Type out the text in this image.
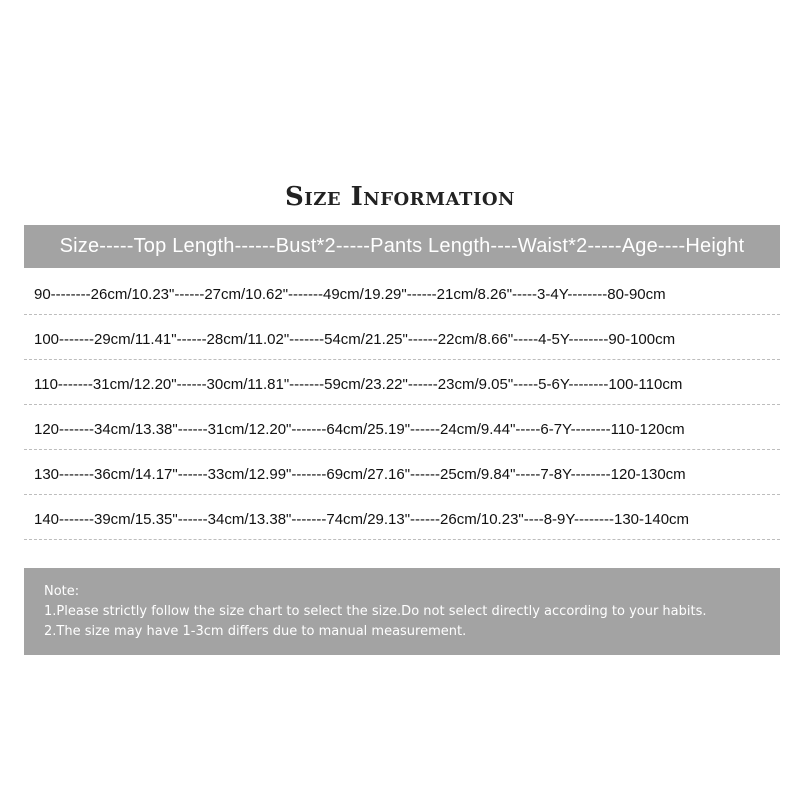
Size Information
Size-----Top Length------Bust*2-----Pants Length----Waist*2-----Age----Height
90--------26cm/10.23"------27cm/10.62"-------49cm/19.29"------21cm/8.26"-----3-4Y--------80-90cm
100-------29cm/11.41"------28cm/11.02"-------54cm/21.25"------22cm/8.66"-----4-5Y--------90-100cm
110-------31cm/12.20"------30cm/11.81"-------59cm/23.22"------23cm/9.05"-----5-6Y--------100-110cm
120-------34cm/13.38"------31cm/12.20"-------64cm/25.19"------24cm/9.44"-----6-7Y--------110-120cm
130-------36cm/14.17"------33cm/12.99"-------69cm/27.16"------25cm/9.84"-----7-8Y--------120-130cm
140-------39cm/15.35"------34cm/13.38"-------74cm/29.13"------26cm/10.23"----8-9Y--------130-140cm
Note:
1.Please strictly follow the size chart to select the size.Do not select directly according to your habits.
2.The size may have 1-3cm differs due to manual measurement.
